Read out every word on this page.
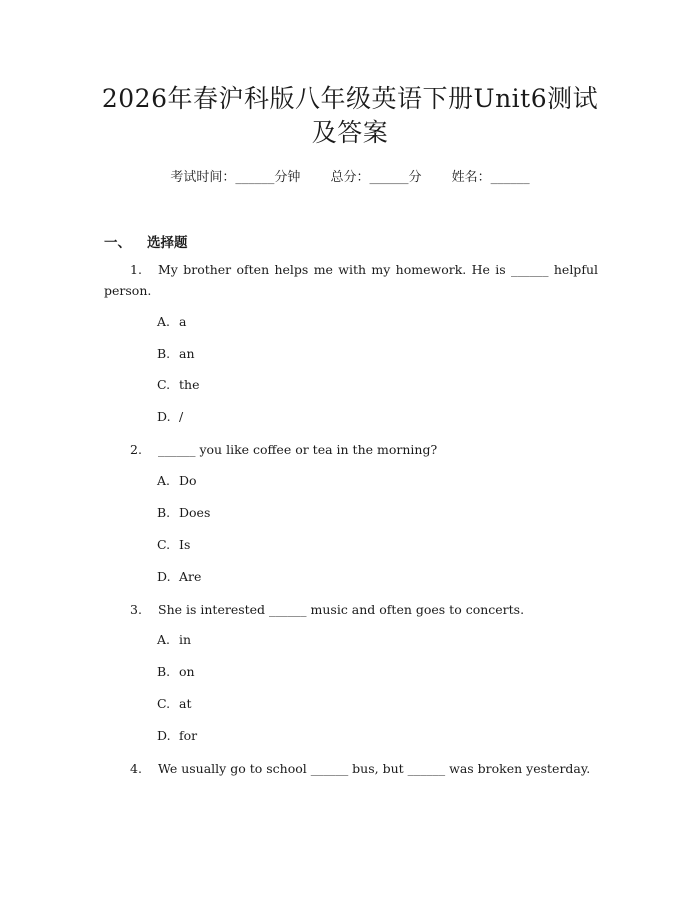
2026年春沪科版八年级英语下册Unit6测试
及答案
考试时间：______分钟 总分：______分 姓名：______
一、 选择题
1. My brother often helps me with my homework. He is ______ helpful person.
A. a
B. an
C. the
D. /
2. ______ you like coffee or tea in the morning?
A. Do
B. Does
C. Is
D. Are
3. She is interested ______ music and often goes to concerts.
A. in
B. on
C. at
D. for
4. We usually go to school ______ bus, but ______ was broken yesterday.
